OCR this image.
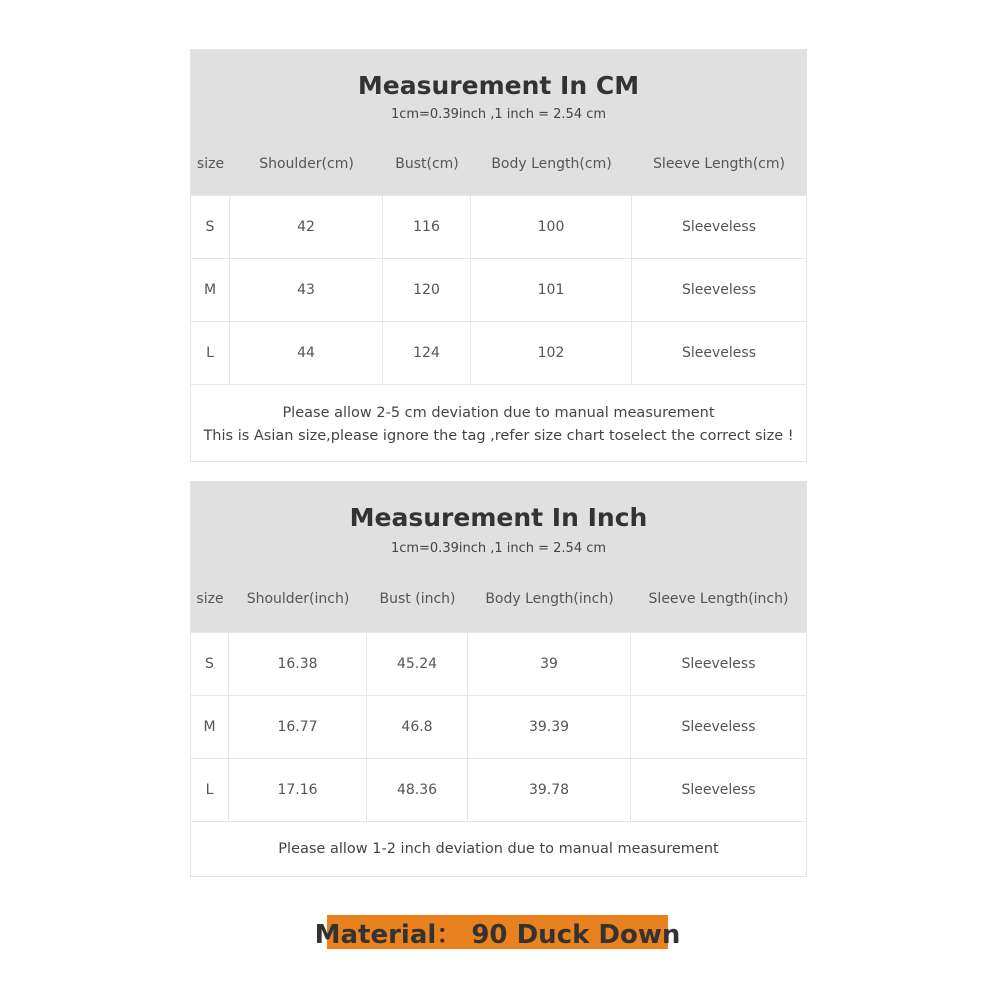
Measurement In CM
1cm=0.39inch ,1 inch = 2.54 cm
size	Shoulder(cm)	Bust(cm)	Body Length(cm)	Sleeve Length(cm)
S	42	116	100	Sleeveless
M	43	120	101	Sleeveless
L	44	124	102	Sleeveless
Please allow 2-5 cm deviation due to manual measurement
This is Asian size,please ignore the tag ,refer size chart toselect the correct size !
Measurement In Inch
1cm=0.39inch ,1 inch = 2.54 cm
size	Shoulder(inch)	Bust (inch)	Body Length(inch)	Sleeve Length(inch)
S	16.38	45.24	39	Sleeveless
M	16.77	46.8	39.39	Sleeveless
L	17.16	48.36	39.78	Sleeveless
Please allow 1-2 inch deviation due to manual measurement
Material： 90 Duck Down
